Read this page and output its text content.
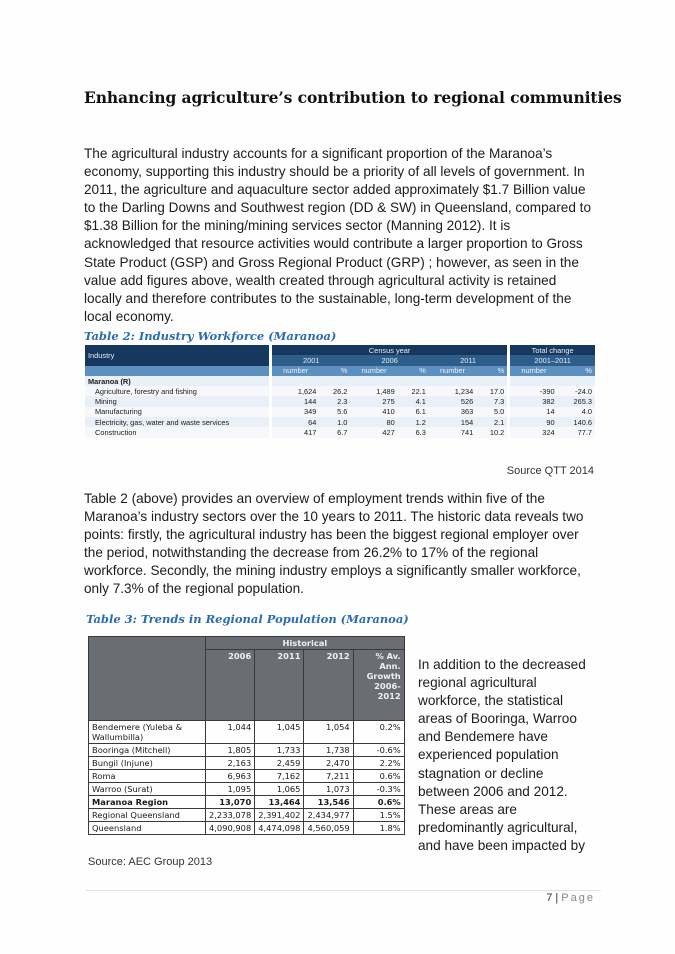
Enhancing agriculture’s contribution to regional communities
The agricultural industry accounts for a significant proportion of the Maranoa’s economy, supporting this industry should be a priority of all levels of government. In 2011, the agriculture and aquaculture sector added approximately $1.7 Billion value to the Darling Downs and Southwest region (DD & SW) in Queensland, compared to $1.38 Billion for the mining/mining services sector (Manning 2012). It is acknowledged that resource activities would contribute a larger proportion to Gross State Product (GSP) and Gross Regional Product (GRP) ; however, as seen in the value add figures above, wealth created through agricultural activity is retained locally and therefore contributes to the sustainable, long-term development of the local economy.
Table 2: Industry Workforce (Maranoa)
Industry		Census year							Total change	
		2001		2006		2011			2001–2011	
		number	%	number	%	number	%		number	%
Maranoa (R)										
Agriculture, forestry and fishing		1,624	26.2	1,489	22.1	1,234	17.0		-390	-24.0
Mining		144	2.3	275	4.1	526	7.3		382	265.3
Manufacturing		349	5.6	410	6.1	363	5.0		14	4.0
Electricity, gas, water and waste services		64	1.0	80	1.2	154	2.1		90	140.6
Construction		417	6.7	427	6.3	741	10.2		324	77.7
Source QTT 2014
Table 2 (above) provides an overview of employment trends within five of the Maranoa’s industry sectors over the 10 years to 2011. The historic data reveals two points: firstly, the agricultural industry has been the biggest regional employer over the period, notwithstanding the decrease from 26.2% to 17% of the regional workforce. Secondly, the mining industry employs a significantly smaller workforce, only 7.3% of the regional population.
Table 3: Trends in Regional Population (Maranoa)
	Historical			
	2006	2011	2012	% Av. Ann. Growth 2006-2012
Bendemere (Yuleba & Wallumbilla)	1,044	1,045	1,054	0.2%
Booringa (Mitchell)	1,805	1,733	1,738	-0.6%
Bungil (Injune)	2,163	2,459	2,470	2.2%
Roma	6,963	7,162	7,211	0.6%
Warroo (Surat)	1,095	1,065	1,073	-0.3%
Maranoa Region	13,070	13,464	13,546	0.6%
Regional Queensland	2,233,078	2,391,402	2,434,977	1.5%
Queensland	4,090,908	4,474,098	4,560,059	1.8%
In addition to the decreased regional agricultural workforce, the statistical areas of Booringa, Warroo and Bendemere have experienced population stagnation or decline between 2006 and 2012. These areas are predominantly agricultural, and have been impacted by
Source: AEC Group 2013
7 | Page
